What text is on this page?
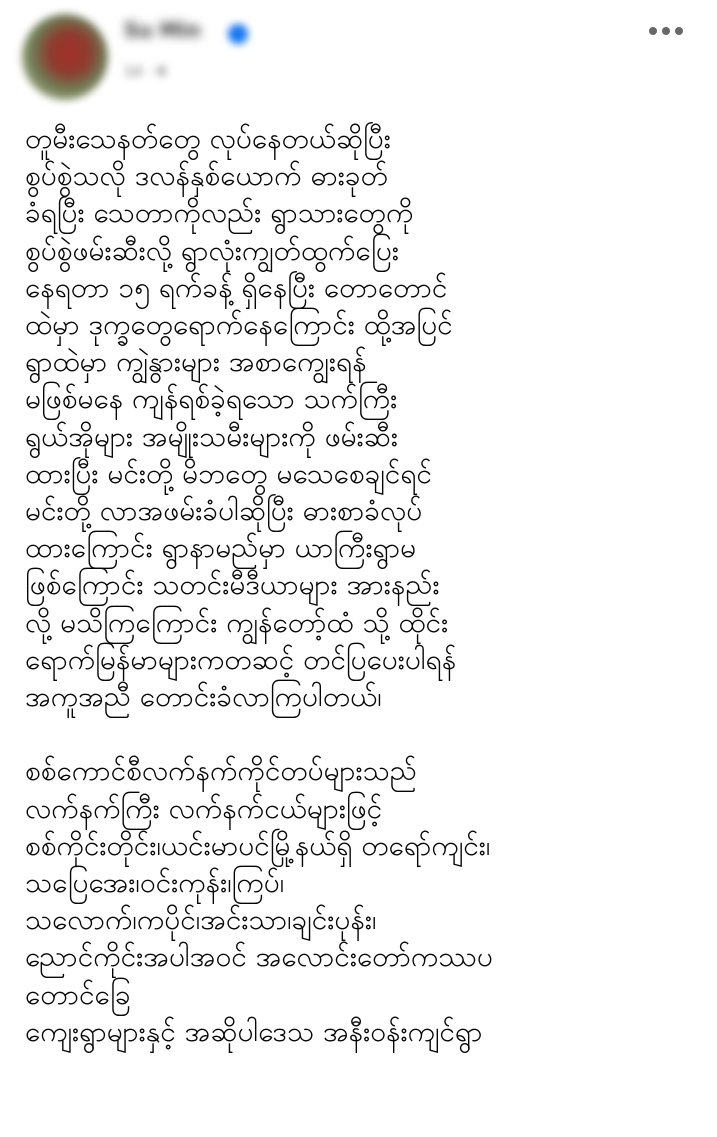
Su Min
1d · ⚙
တူမီးသေနတ်တွေ လုပ်နေတယ်ဆိုပြီး
စွပ်စွဲသလို ဒလန်နှစ်ယောက် ဓားခုတ်
ခံရပြီး သေတာကိုလည်း ရွာသားတွေကို
စွပ်စွဲဖမ်းဆီးလို့ ရွာလုံးကျွတ်ထွက်ပြေး
နေရတာ ၁၅ ရက်ခန့် ရှိနေပြီး တောတောင်
ထဲမှာ ဒုက္ခတွေရောက်နေကြောင်း ထို့အပြင်
ရွာထဲမှာ ကျွဲနွားများ အစာကျွေးရန်
မဖြစ်မနေ ကျန်ရစ်ခဲ့ရသော သက်ကြီး
ရွယ်အိုများ အမျိုးသမီးများကို ဖမ်းဆီး
ထားပြီး မင်းတို့ မိဘတွေ မသေစေချင်ရင်
မင်းတို့ လာအဖမ်းခံပါဆိုပြီး ဓားစာခံလုပ်
ထားကြောင်း ရွာနာမည်မှာ ယာကြီးရွာမ
ဖြစ်ကြောင်း သတင်းမီဒီယာများ အားနည်း
လို့ မသိကြကြောင်း ကျွန်တော့်ထံ သို့ ထိုင်း
ရောက်မြန်မာများကတဆင့် တင်ပြပေးပါရန်
အကူအညီ တောင်းခံလာကြပါတယ်၊
စစ်ကောင်စီလက်နက်ကိုင်တပ်များသည်
လက်နက်ကြီး လက်နက်ငယ်များဖြင့်
စစ်ကိုင်းတိုင်း၊ယင်းမာပင်မြို့နယ်ရှိ တရော်ကျင်း၊
သပြေအေး၊ဝင်းကုန်း၊ကြပ်၊
သလောက်၊ကပိုင်၊အင်းသာ၊ချင်းပုန်း၊
ညောင်ကိုင်းအပါအဝင် အလောင်းတော်ကဿပ
တောင်ခြေ
ကျေးရွာများနှင့် အဆိုပါဒေသ အနီးဝန်းကျင်ရွာ
